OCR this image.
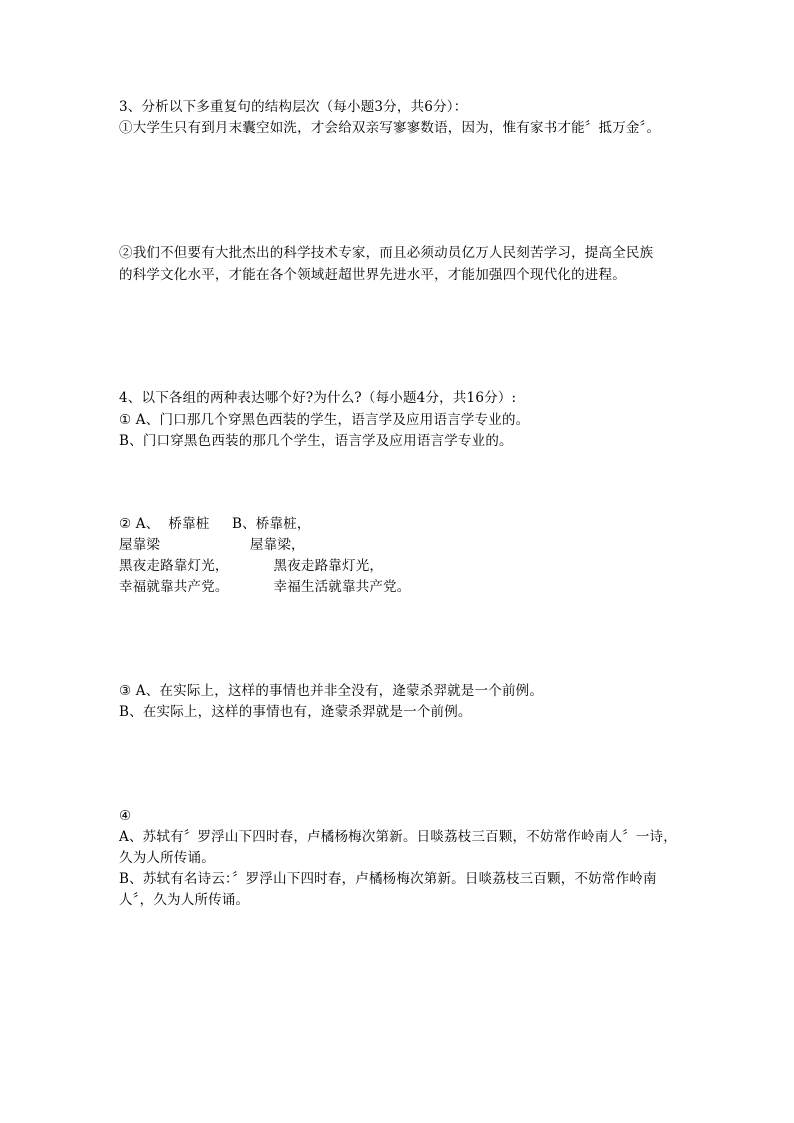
3、分析以下多重复句的结构层次（每小题3分，共6分）：
①大学生只有到月末囊空如洗，才会给双亲写寥寥数语，因为，惟有家书才能〞抵万金〞。
②我们不但要有大批杰出的科学技术专家，而且必须动员亿万人民刻苦学习，提高全民族
的科学文化水平，才能在各个领域赶超世界先进水平，才能加强四个现代化的进程。
4、以下各组的两种表达哪个好?为什么?（每小题4分，共16分）:
① A、门口那几个穿黑色西装的学生，语言学及应用语言学专业的。
B、门口穿黑色西装的那几个学生，语言学及应用语言学专业的。
② A、  桥靠桩     B、桥靠桩，
屋靠梁                    屋靠梁，
黑夜走路靠灯光，          黑夜走路靠灯光，
幸福就靠共产党。          幸福生活就靠共产党。
③ A、在实际上，这样的事情也并非全没有，逄蒙杀羿就是一个前例。
B、在实际上，这样的事情也有，逄蒙杀羿就是一个前例。
④
A、苏轼有〞罗浮山下四时春，卢橘杨梅次第新。日啖荔枝三百颗，不妨常作岭南人〞一诗，
久为人所传诵。
B、苏轼有名诗云：〞罗浮山下四时春，卢橘杨梅次第新。日啖荔枝三百颗，不妨常作岭南
人〞，久为人所传诵。
